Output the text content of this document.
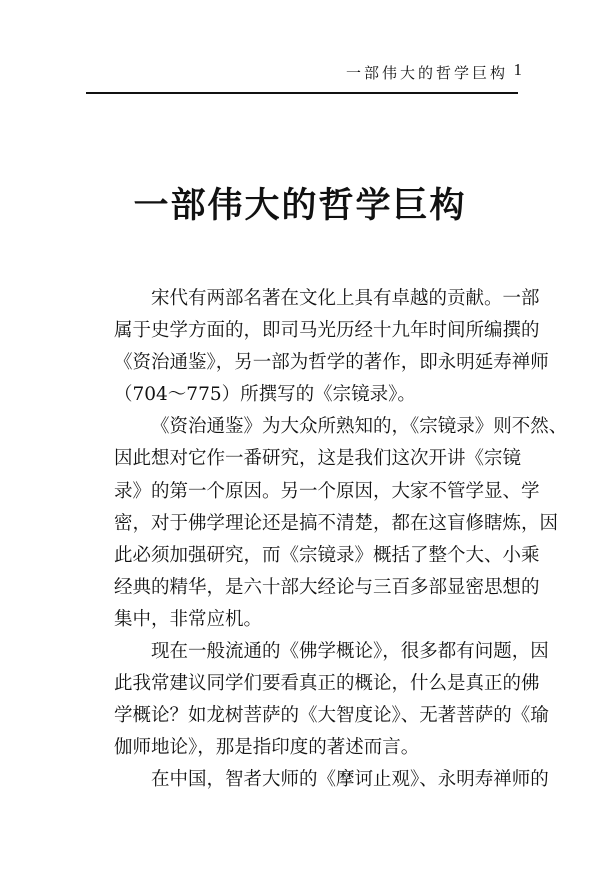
一部伟大的哲学巨构 1
一部伟大的哲学巨构
宋代有两部名著在文化上具有卓越的贡献。一部
属于史学方面的，即司马光历经十九年时间所编撰的
《资治通鉴》，另一部为哲学的著作，即永明延寿禅师
（704～775）所撰写的《宗镜录》。
《资治通鉴》为大众所熟知的，《宗镜录》则不然、
因此想对它作一番研究，这是我们这次开讲《宗镜
录》的第一个原因。另一个原因，大家不管学显、学
密，对于佛学理论还是搞不清楚，都在这盲修瞎炼，因
此必须加强研究，而《宗镜录》概括了整个大、小乘
经典的精华，是六十部大经论与三百多部显密思想的
集中，非常应机。
现在一般流通的《佛学概论》，很多都有问题，因
此我常建议同学们要看真正的概论，什么是真正的佛
学概论？如龙树菩萨的《大智度论》、无著菩萨的《瑜
伽师地论》，那是指印度的著述而言。
在中国，智者大师的《摩诃止观》、永明寿禅师的
